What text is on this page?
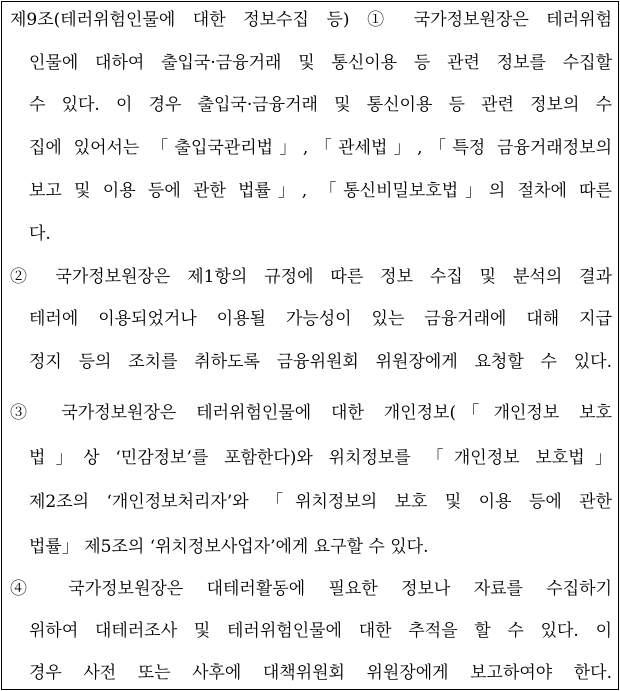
제9조(테러위험인물에 대한 정보수집 등) ① 국가정보원장은 테러위험
인물에 대하여 출입국·금융거래 및 통신이용 등 관련 정보를 수집할
수 있다. 이 경우 출입국·금융거래 및 통신이용 등 관련 정보의 수
집에 있어서는 「출입국관리법」,「관세법」,「특정 금융거래정보의
보고 및 이용 등에 관한 법률」, 「통신비밀보호법」의 절차에 따른
다.
② 국가정보원장은 제1항의 규정에 따른 정보 수집 및 분석의 결과
테러에 이용되었거나 이용될 가능성이 있는 금융거래에 대해 지급
정지 등의 조치를 취하도록 금융위원회 위원장에게 요청할 수 있다.
③ 국가정보원장은 테러위험인물에 대한 개인정보(「개인정보 보호
법」상 ‘민감정보’를 포함한다)와 위치정보를 「개인정보 보호법」
제2조의 ‘개인정보처리자’와 「위치정보의 보호 및 이용 등에 관한
법률」 제5조의 ‘위치정보사업자’에게 요구할 수 있다.
④ 국가정보원장은 대테러활동에 필요한 정보나 자료를 수집하기
위하여 대테러조사 및 테러위험인물에 대한 추적을 할 수 있다. 이
경우 사전 또는 사후에 대책위원회 위원장에게 보고하여야 한다.
